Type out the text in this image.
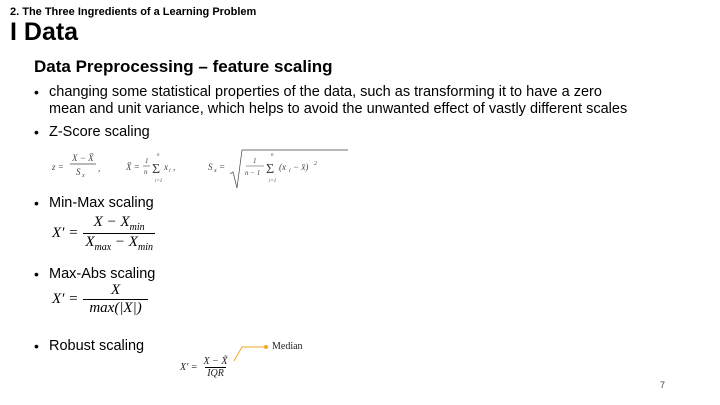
2. The Three Ingredients of a Learning Problem
I Data
Data Preprocessing – feature scaling
• changing some statistical properties of the data, such as transforming it to have a zero
mean and unit variance, which helps to avoid the unwanted effect of vastly different scales
• Z-Score scaling
z =
X − X̄
S x
,	X̄ =
1
n Σ
n
i=1
x i ,	S x =
1
n − 1 Σ
n
i=1
(x i − x̄) 2
• Min-Max scaling
$X' = \frac{X - X_{min}}{X_{max} - X_{min}}$
• Max-Abs scaling
$X' = \frac{X}{\max(|X|)}$
• Robust scaling
$X' = \frac{X - X̃}{\text{IQR}}$
Median
7
